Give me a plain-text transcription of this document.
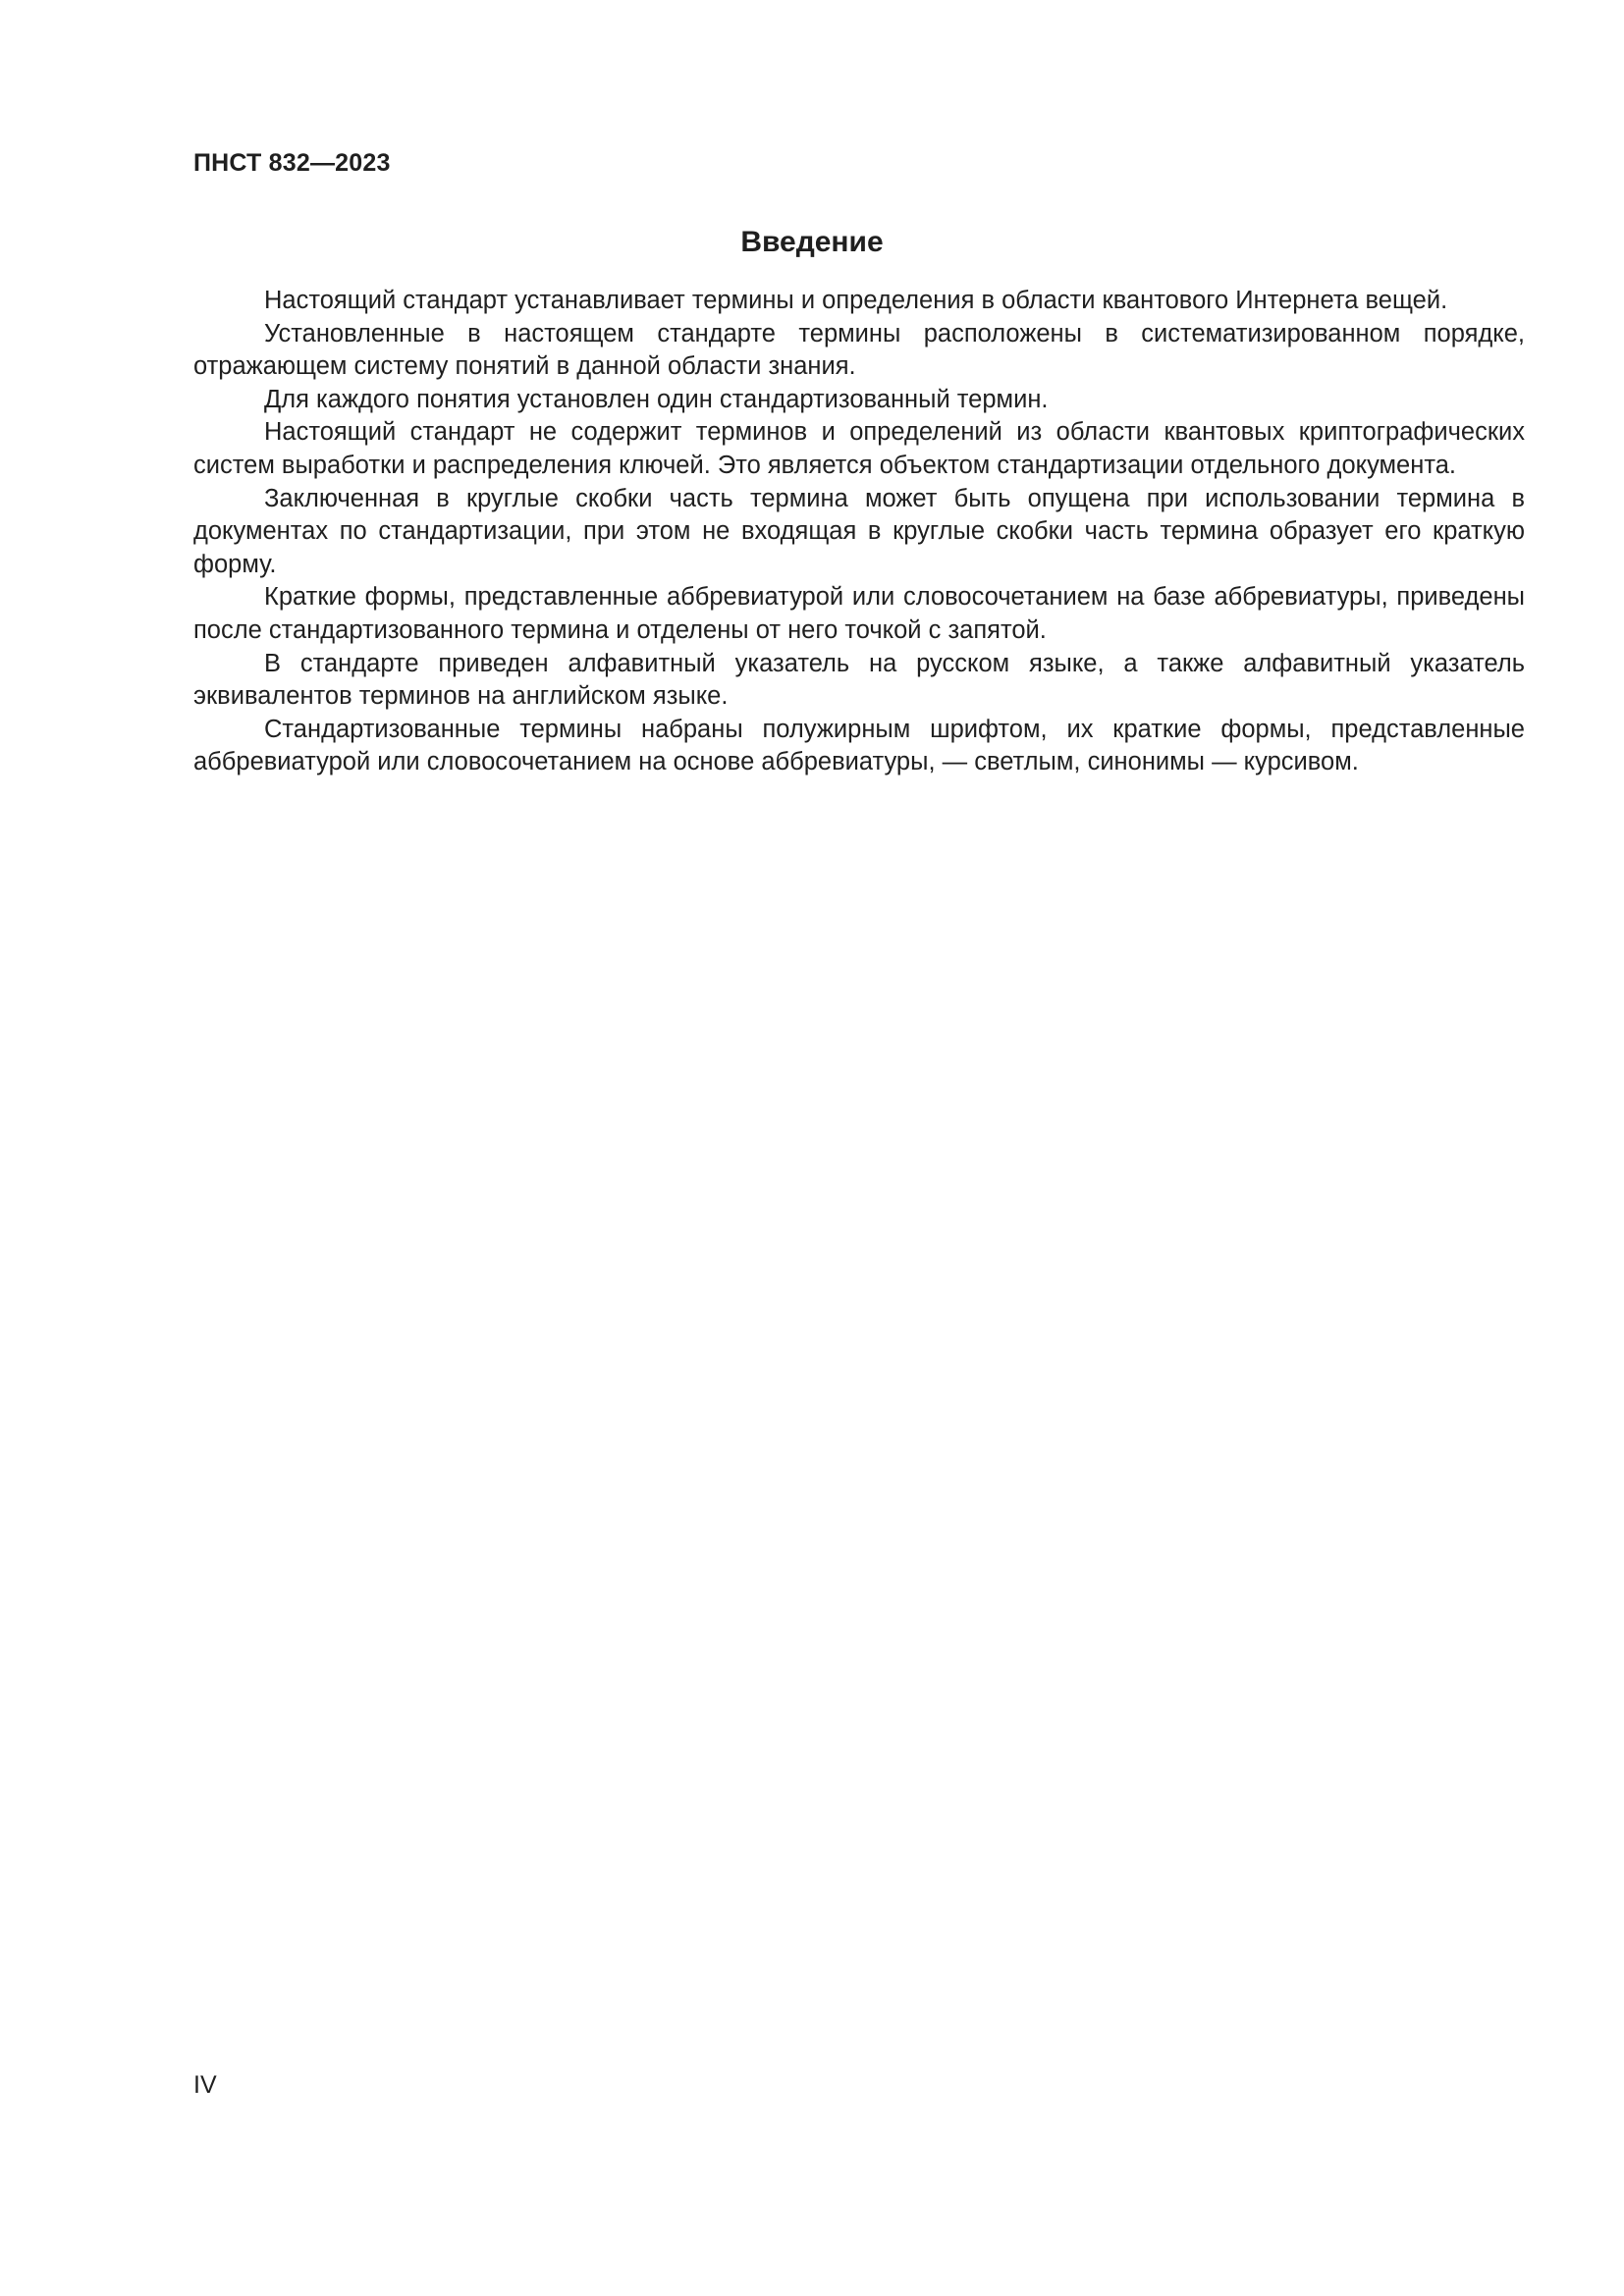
ПНСТ 832—2023

Введение

Настоящий стандарт устанавливает термины и определения в области квантового Интернета вещей.

Установленные в настоящем стандарте термины расположены в систематизированном порядке, отражающем систему понятий в данной области знания.

Для каждого понятия установлен один стандартизованный термин.

Настоящий стандарт не содержит терминов и определений из области квантовых криптографических систем выработки и распределения ключей. Это является объектом стандартизации отдельного документа.

Заключенная в круглые скобки часть термина может быть опущена при использовании термина в документах по стандартизации, при этом не входящая в круглые скобки часть термина образует его краткую форму.

Краткие формы, представленные аббревиатурой или словосочетанием на базе аббревиатуры, приведены после стандартизованного термина и отделены от него точкой с запятой.

В стандарте приведен алфавитный указатель на русском языке, а также алфавитный указатель эквивалентов терминов на английском языке.

Стандартизованные термины набраны полужирным шрифтом, их краткие формы, представленные аббревиатурой или словосочетанием на основе аббревиатуры, — светлым, синонимы — курсивом.

IV
